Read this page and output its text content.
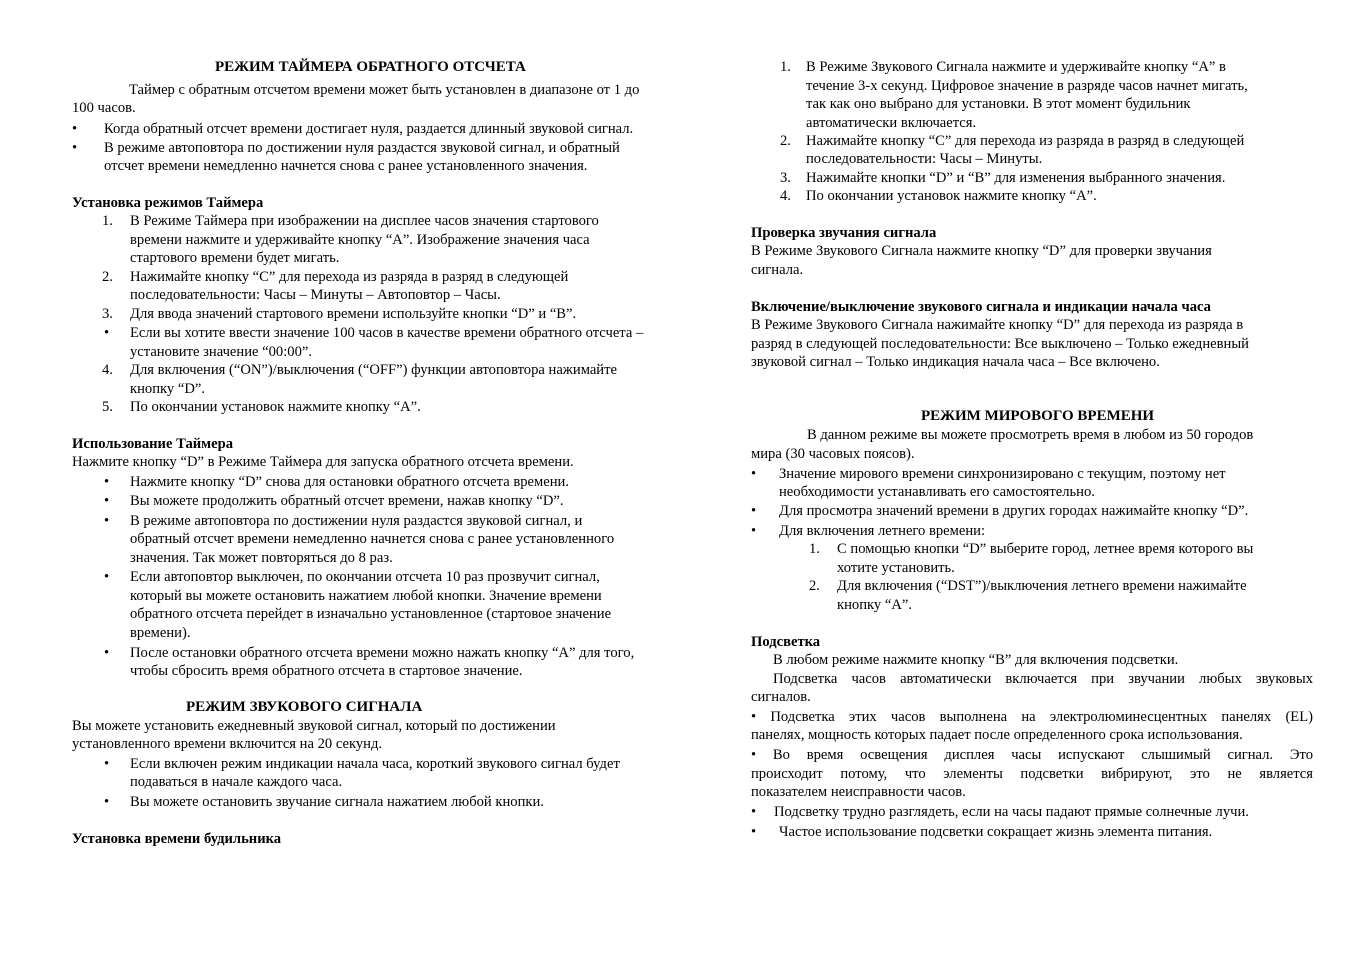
РЕЖИМ ТАЙМЕРА ОБРАТНОГО ОТСЧЕТА
Таймер с обратным отсчетом времени может быть установлен в диапазоне от 1 до
100 часов.
• Когда обратный отсчет времени достигает нуля, раздается длинный звуковой сигнал.
• В режиме автоповтора по достижении нуля раздастся звуковой сигнал, и обратный
отсчет времени немедленно начнется снова с ранее установленного значения.
Установка режимов Таймера
1. В Режиме Таймера при изображении на дисплее часов значения стартового
времени нажмите и удерживайте кнопку “A”. Изображение значения часа
стартового времени будет мигать.
2. Нажимайте кнопку “C” для перехода из разряда в разряд в следующей
последовательности: Часы – Минуты – Автоповтор – Часы.
3. Для ввода значений стартового времени используйте кнопки “D” и “B”.
• Если вы хотите ввести значение 100 часов в качестве времени обратного отсчета –
установите значение “00:00”.
4. Для включения (“ON”)/выключения (“OFF”) функции автоповтора нажимайте
кнопку “D”.
5. По окончании установок нажмите кнопку “A”.
Использование Таймера
Нажмите кнопку “D” в Режиме Таймера для запуска обратного отсчета времени.
• Нажмите кнопку “D” снова для остановки обратного отсчета времени.
• Вы можете продолжить обратный отсчет времени, нажав кнопку “D”.
• В режиме автоповтора по достижении нуля раздастся звуковой сигнал, и
обратный отсчет времени немедленно начнется снова с ранее установленного
значения. Так может повторяться до 8 раз.
• Если автоповтор выключен, по окончании отсчета 10 раз прозвучит сигнал,
который вы можете остановить нажатием любой кнопки. Значение времени
обратного отсчета перейдет в изначально установленное (стартовое значение
времени).
• После остановки обратного отсчета времени можно нажать кнопку “A” для того,
чтобы сбросить время обратного отсчета в стартовое значение.
РЕЖИМ ЗВУКОВОГО СИГНАЛА
Вы можете установить ежедневный звуковой сигнал, который по достижении
установленного времени включится на 20 секунд.
• Если включен режим индикации начала часа, короткий звукового сигнал будет
подаваться в начале каждого часа.
• Вы можете остановить звучание сигнала нажатием любой кнопки.
Установка времени будильника
1. В Режиме Звукового Сигнала нажмите и удерживайте кнопку “A” в
течение 3-х секунд. Цифровое значение в разряде часов начнет мигать,
так как оно выбрано для установки. В этот момент будильник
автоматически включается.
2. Нажимайте кнопку “C” для перехода из разряда в разряд в следующей
последовательности: Часы – Минуты.
3. Нажимайте кнопки “D” и “B” для изменения выбранного значения.
4. По окончании установок нажмите кнопку “A”.
Проверка звучания сигнала
В Режиме Звукового Сигнала нажмите кнопку “D” для проверки звучания
сигнала.
Включение/выключение звукового сигнала и индикации начала часа
В Режиме Звукового Сигнала нажимайте кнопку “D” для перехода из разряда в
разряд в следующей последовательности: Все выключено – Только ежедневный
звуковой сигнал – Только индикация начала часа – Все включено.
РЕЖИМ МИРОВОГО ВРЕМЕНИ
В данном режиме вы можете просмотреть время в любом из 50 городов
мира (30 часовых поясов).
• Значение мирового времени синхронизировано с текущим, поэтому нет
необходимости устанавливать его самостоятельно.
• Для просмотра значений времени в других городах нажимайте кнопку “D”.
• Для включения летнего времени:
1. С помощью кнопки “D” выберите город, летнее время которого вы
хотите установить.
2. Для включения (“DST”)/выключения летнего времени нажимайте
кнопку “A”.
Подсветка
В любом режиме нажмите кнопку “B” для включения подсветки.
Подсветка часов автоматически включается при звучании любых звуковых
сигналов.
• Подсветка этих часов выполнена на электролюминесцентных панелях (EL)
панелях, мощность которых падает после определенного срока использования.
• Во время освещения дисплея часы испускают слышимый сигнал. Это
происходит потому, что элементы подсветки вибрируют, это не является
показателем неисправности часов.
• Подсветку трудно разглядеть, если на часы падают прямые солнечные лучи.
• Частое использование подсветки сокращает жизнь элемента питания.
